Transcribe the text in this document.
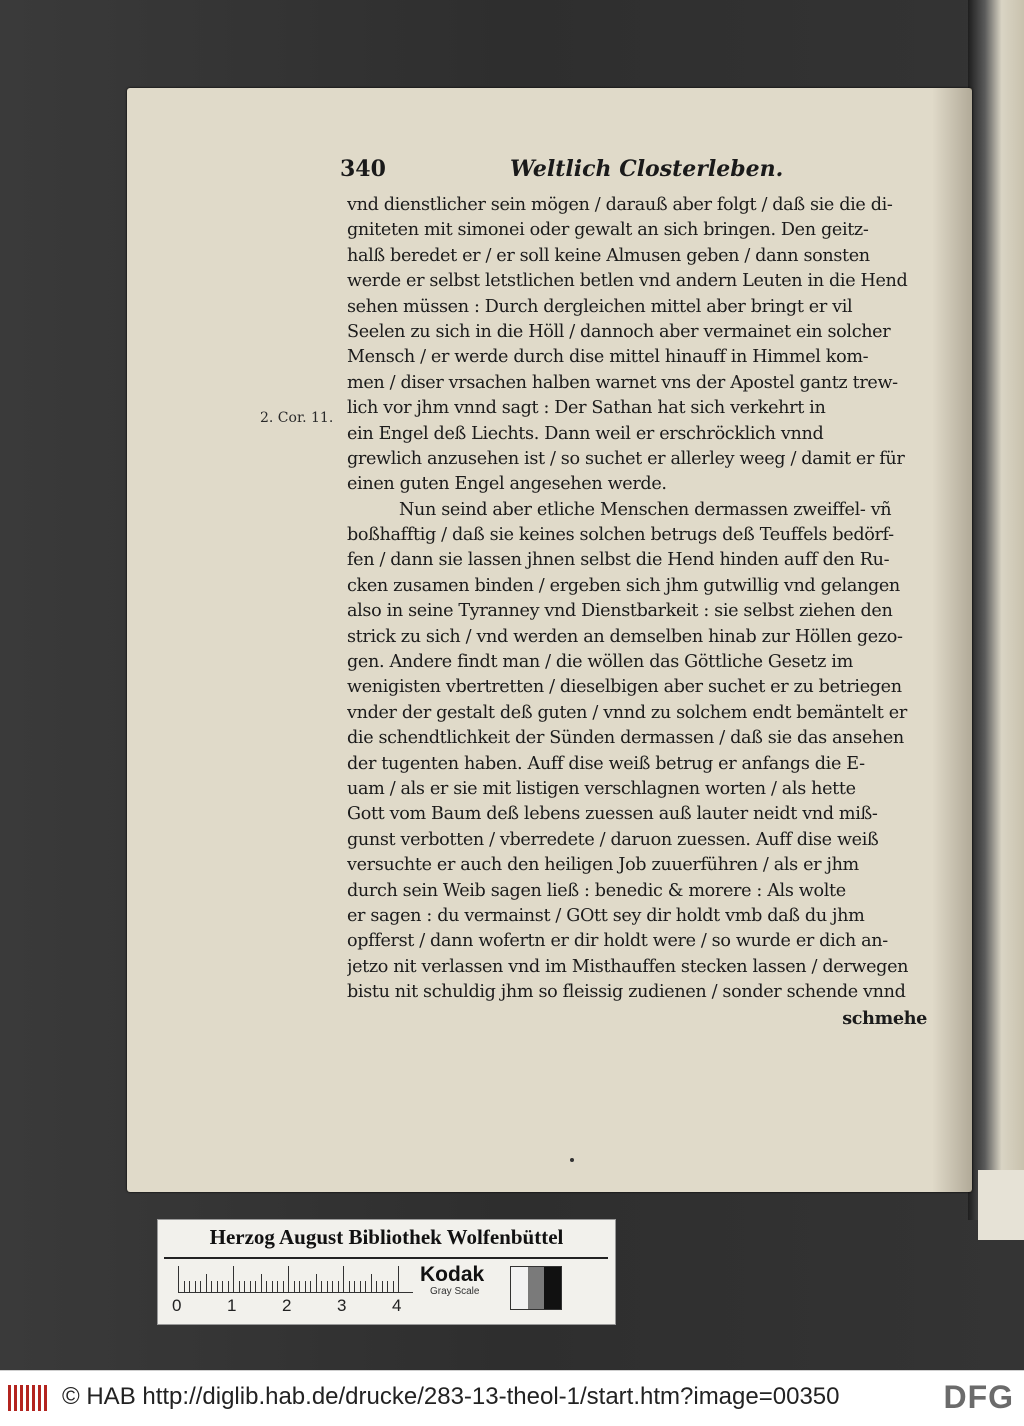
340	Weltlich Closterleben.
2. Cor. 11.
vnd dienstlicher sein mögen / darauß aber folgt / daß sie die di-
gniteten mit simonei oder gewalt an sich bringen. Den geitz-
halß beredet er / er soll keine Almusen geben / dann sonsten
werde er selbst letstlichen betlen vnd andern Leuten in die Hend
sehen müssen : Durch dergleichen mittel aber bringt er vil
Seelen zu sich in die Höll / dannoch aber vermainet ein solcher
Mensch / er werde durch dise mittel hinauff in Himmel kom-
men / diser vrsachen halben warnet vns der Apostel gantz trew-
lich vor jhm vnnd sagt : Der Sathan hat sich verkehrt in
ein Engel deß Liechts. Dann weil er erschröcklich vnnd
grewlich anzusehen ist / so suchet er allerley weeg / damit er für
einen guten Engel angesehen werde.
Nun seind aber etliche Menschen dermassen zweiffel- vñ
boßhafftig / daß sie keines solchen betrugs deß Teuffels bedörf-
fen / dann sie lassen jhnen selbst die Hend hinden auff den Ru-
cken zusamen binden / ergeben sich jhm gutwillig vnd gelangen
also in seine Tyranney vnd Dienstbarkeit : sie selbst ziehen den
strick zu sich / vnd werden an demselben hinab zur Höllen gezo-
gen. Andere findt man / die wöllen das Göttliche Gesetz im
wenigisten vbertretten / dieselbigen aber suchet er zu betriegen
vnder der gestalt deß guten / vnnd zu solchem endt bemäntelt er
die schendtlichkeit der Sünden dermassen / daß sie das ansehen
der tugenten haben. Auff dise weiß betrug er anfangs die E-
uam / als er sie mit listigen verschlagnen worten / als hette
Gott vom Baum deß lebens zuessen auß lauter neidt vnd miß-
gunst verbotten / vberredete / daruon zuessen. Auff dise weiß
versuchte er auch den heiligen Job zuuerführen / als er jhm
durch sein Weib sagen ließ : benedic & morere : Als wolte
er sagen : du vermainst / GOtt sey dir holdt vmb daß du jhm
opfferst / dann wofertn er dir holdt were / so wurde er dich an-
jetzo nit verlassen vnd im Misthauffen stecken lassen / derwegen
bistu nit schuldig jhm so fleissig zudienen / sonder schende vnnd
schmehe
Herzog August Bibliothek Wolfenbüttel
0	1	2	3	4
Kodak
Gray Scale
© HAB http://diglib.hab.de/drucke/283-13-theol-1/start.htm?image=00350	DFG
